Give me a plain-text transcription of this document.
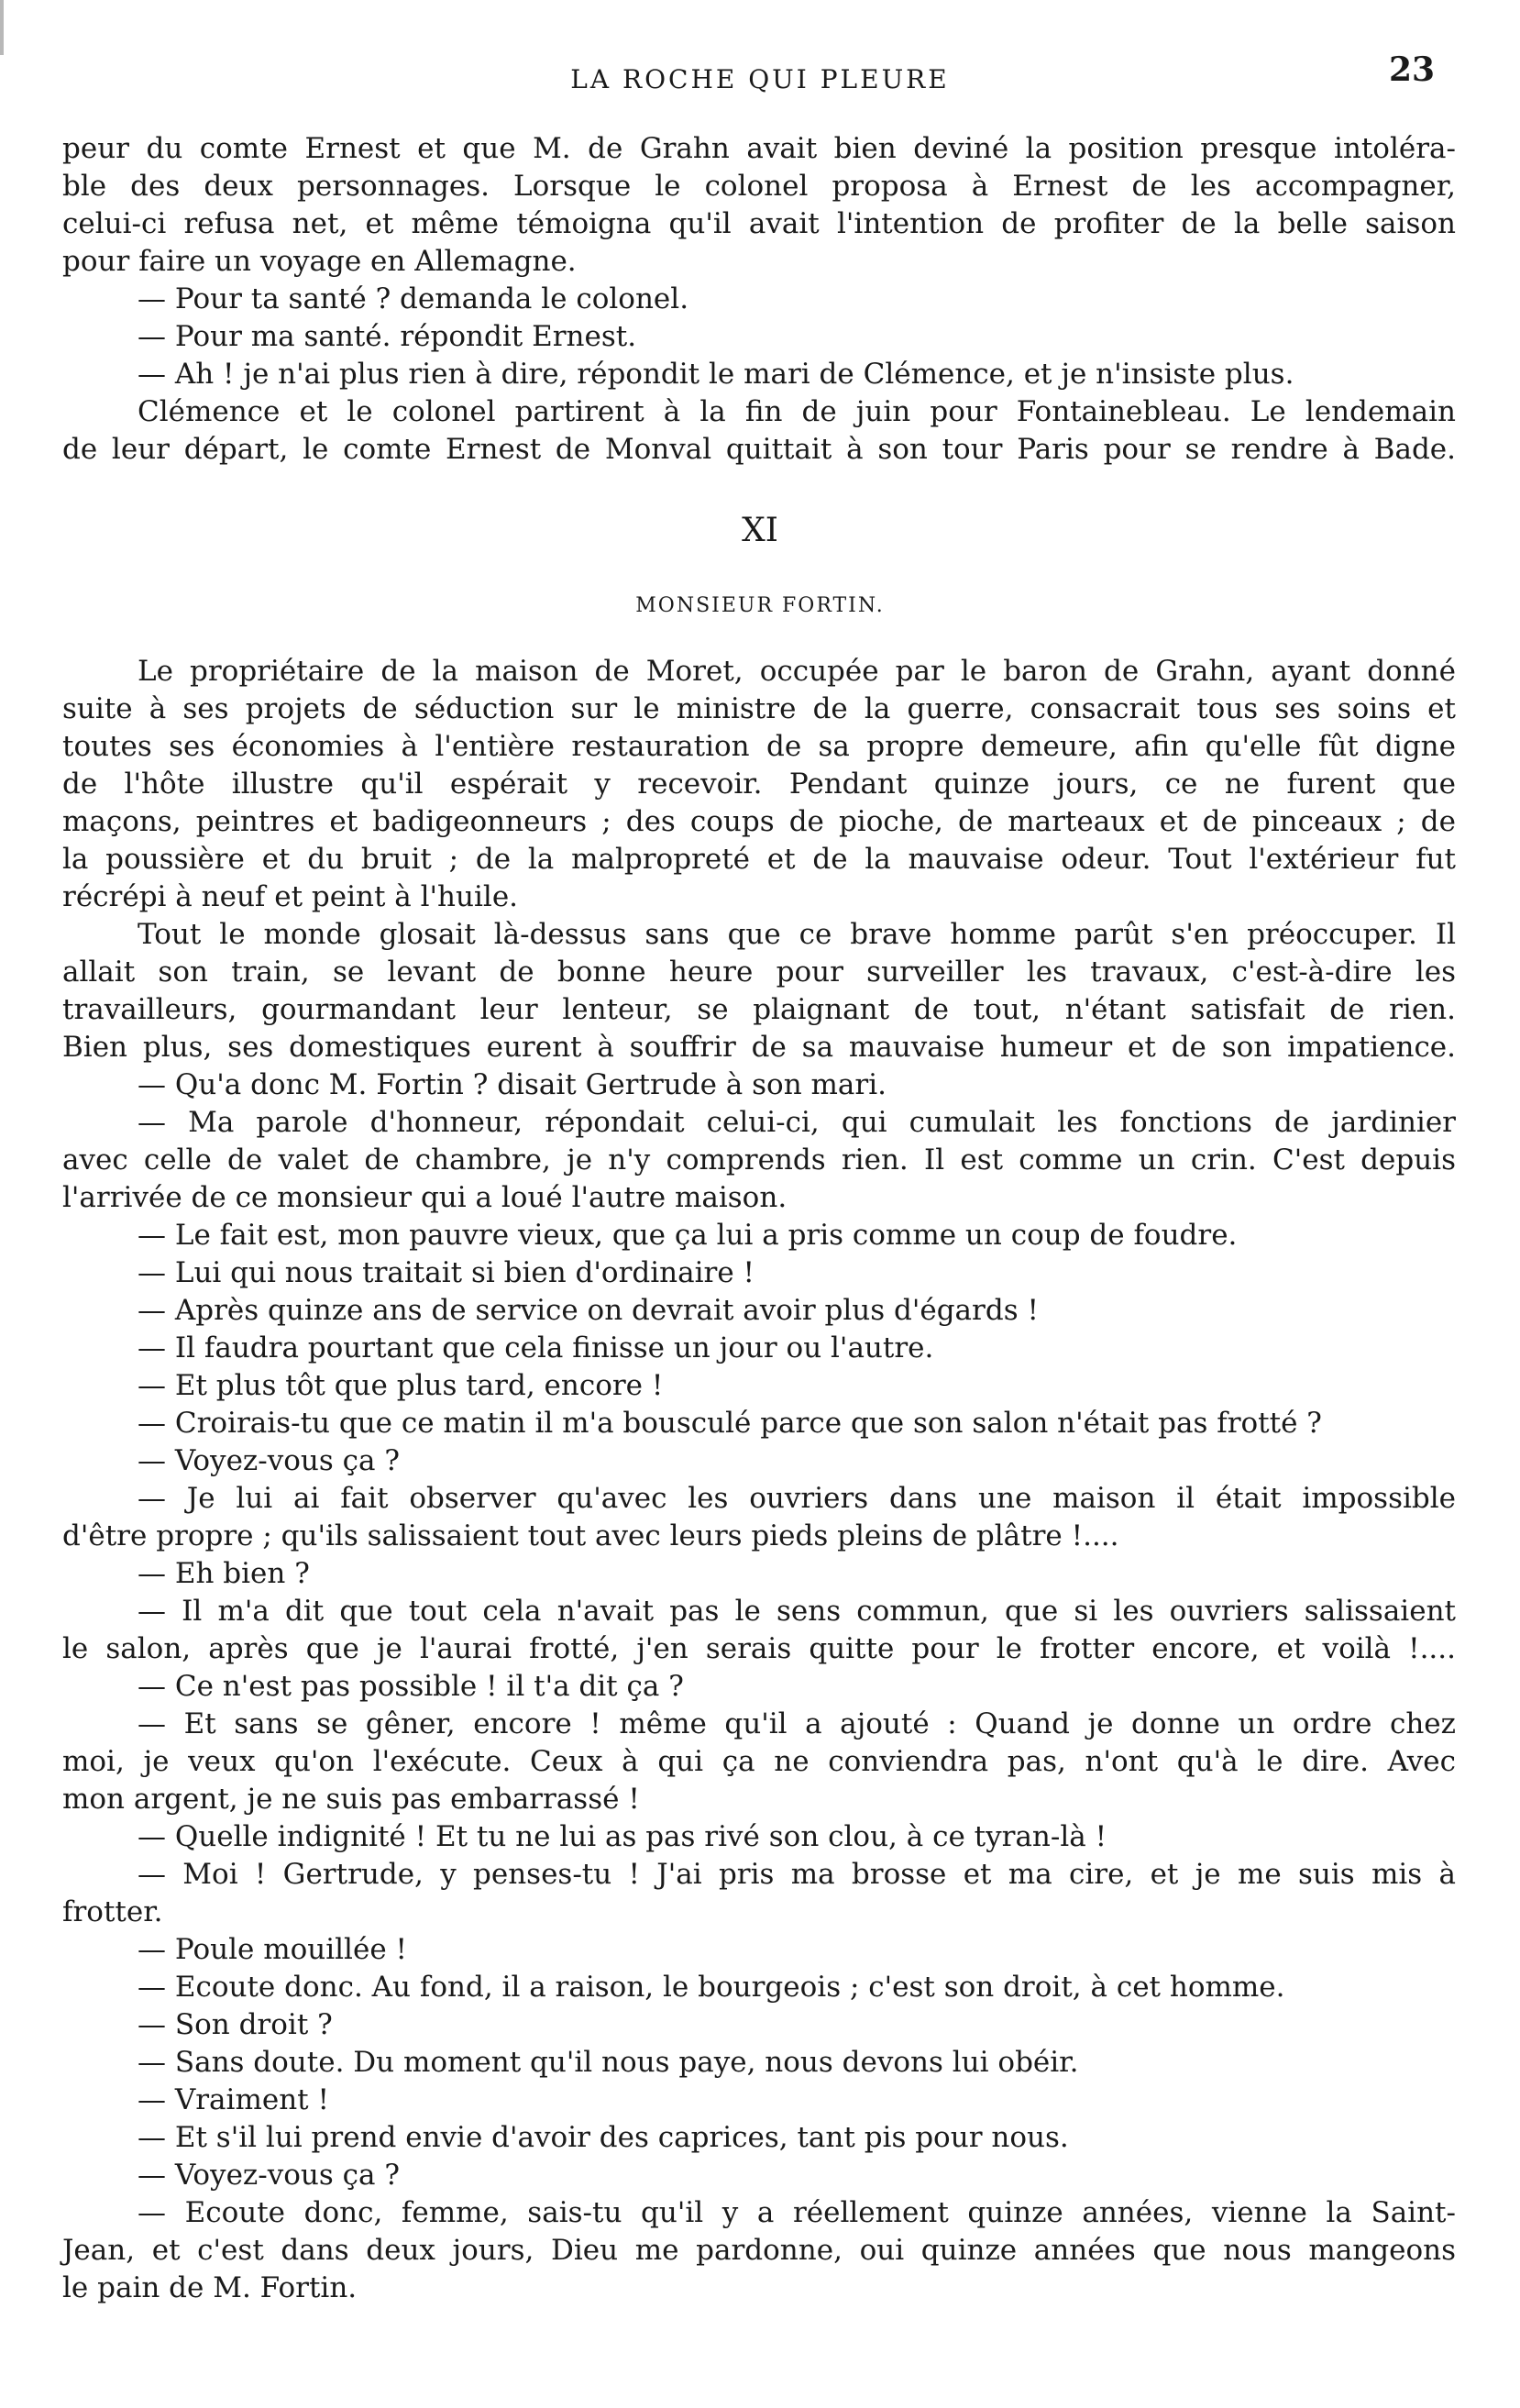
LA ROCHE QUI PLEURE	23
peur du comte Ernest et que M. de Grahn avait bien deviné la position presque intoléra-
ble des deux personnages. Lorsque le colonel proposa à Ernest de les accompagner,
celui-ci refusa net, et même témoigna qu'il avait l'intention de profiter de la belle saison
pour faire un voyage en Allemagne.
— Pour ta santé ? demanda le colonel.
— Pour ma santé. répondit Ernest.
— Ah ! je n'ai plus rien à dire, répondit le mari de Clémence, et je n'insiste plus.
Clémence et le colonel partirent à la fin de juin pour Fontainebleau. Le lendemain
de leur départ, le comte Ernest de Monval quittait à son tour Paris pour se rendre à Bade.
XI
MONSIEUR FORTIN.
Le propriétaire de la maison de Moret, occupée par le baron de Grahn, ayant donné
suite à ses projets de séduction sur le ministre de la guerre, consacrait tous ses soins et
toutes ses économies à l'entière restauration de sa propre demeure, afin qu'elle fût digne
de l'hôte illustre qu'il espérait y recevoir. Pendant quinze jours, ce ne furent que
maçons, peintres et badigeonneurs ; des coups de pioche, de marteaux et de pinceaux ; de
la poussière et du bruit ; de la malpropreté et de la mauvaise odeur. Tout l'extérieur fut
récrépi à neuf et peint à l'huile.
Tout le monde glosait là-dessus sans que ce brave homme parût s'en préoccuper. Il
allait son train, se levant de bonne heure pour surveiller les travaux, c'est-à-dire les
travailleurs, gourmandant leur lenteur, se plaignant de tout, n'étant satisfait de rien.
Bien plus, ses domestiques eurent à souffrir de sa mauvaise humeur et de son impatience.
— Qu'a donc M. Fortin ? disait Gertrude à son mari.
— Ma parole d'honneur, répondait celui-ci, qui cumulait les fonctions de jardinier
avec celle de valet de chambre, je n'y comprends rien. Il est comme un crin. C'est depuis
l'arrivée de ce monsieur qui a loué l'autre maison.
— Le fait est, mon pauvre vieux, que ça lui a pris comme un coup de foudre.
— Lui qui nous traitait si bien d'ordinaire !
— Après quinze ans de service on devrait avoir plus d'égards !
— Il faudra pourtant que cela finisse un jour ou l'autre.
— Et plus tôt que plus tard, encore !
— Croirais-tu que ce matin il m'a bousculé parce que son salon n'était pas frotté ?
— Voyez-vous ça ?
— Je lui ai fait observer qu'avec les ouvriers dans une maison il était impossible
d'être propre ; qu'ils salissaient tout avec leurs pieds pleins de plâtre !....
— Eh bien ?
— Il m'a dit que tout cela n'avait pas le sens commun, que si les ouvriers salissaient
le salon, après que je l'aurai frotté, j'en serais quitte pour le frotter encore, et voilà !....
— Ce n'est pas possible ! il t'a dit ça ?
— Et sans se gêner, encore ! même qu'il a ajouté : Quand je donne un ordre chez
moi, je veux qu'on l'exécute. Ceux à qui ça ne conviendra pas, n'ont qu'à le dire. Avec
mon argent, je ne suis pas embarrassé !
— Quelle indignité ! Et tu ne lui as pas rivé son clou, à ce tyran-là !
— Moi ! Gertrude, y penses-tu ! J'ai pris ma brosse et ma cire, et je me suis mis à
frotter.
— Poule mouillée !
— Ecoute donc. Au fond, il a raison, le bourgeois ; c'est son droit, à cet homme.
— Son droit ?
— Sans doute. Du moment qu'il nous paye, nous devons lui obéir.
— Vraiment !
— Et s'il lui prend envie d'avoir des caprices, tant pis pour nous.
— Voyez-vous ça ?
— Ecoute donc, femme, sais-tu qu'il y a réellement quinze années, vienne la Saint-
Jean, et c'est dans deux jours, Dieu me pardonne, oui quinze années que nous mangeons
le pain de M. Fortin.
